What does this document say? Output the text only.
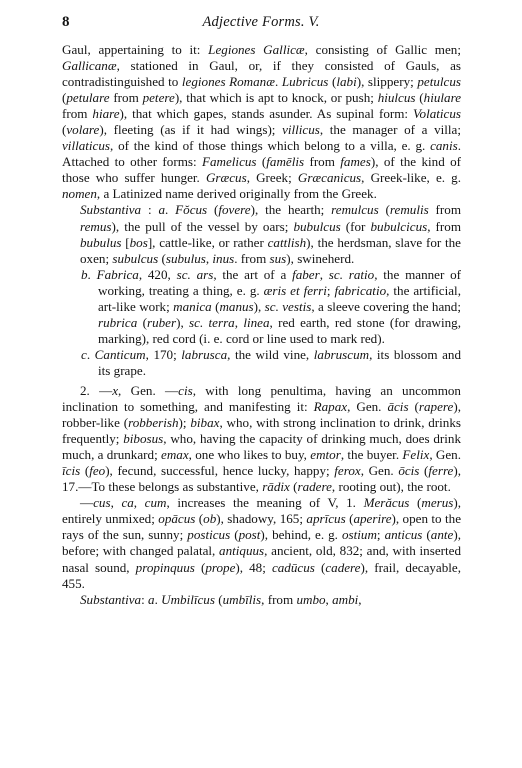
8	Adjective Forms. V.

Gaul, appertaining to it: Legiones Gallicæ, consisting of Gallic men; Gallicanæ, stationed in Gaul, or, if they consisted of Gauls, as contradistinguished to legiones Romanæ. Lubricus (labi), slippery; petulcus (petulare from petere), that which is apt to knock, or push; hiulcus (hiulare from hiare), that which gapes, stands asunder. As supinal form: Volaticus (volare), fleeting (as if it had wings); villicus, the manager of a villa; villaticus, of the kind of those things which belong to a villa, e. g. canis. Attached to other forms: Famelicus (famēlis from fames), of the kind of those who suffer hunger. Græcus, Greek; Græcanicus, Greek-like, e. g. nomen, a Latinized name derived originally from the Greek.

Substantiva : a. Fŏcus (fovere), the hearth; remulcus (remulis from remus), the pull of the vessel by oars; bubulcus (for bubulcicus, from bubulus [bos], cattle-like, or rather cattlish), the herdsman, slave for the oxen; subulcus (subulus, inus. from sus), swineherd.

b. Fabrica, 420, sc. ars, the art of a faber, sc. ratio, the manner of working, treating a thing, e. g. æris et ferri; fabricatio, the artificial, art-like work; manica (manus), sc. vestis, a sleeve covering the hand; rubrica (ruber), sc. terra, linea, red earth, red stone (for drawing, marking), red cord (i. e. cord or line used to mark red).

c. Canticum, 170; labrusca, the wild vine, labruscum, its blossom and its grape.

2. —x, Gen. —cis, with long penultima, having an uncommon inclination to something, and manifesting it: Rapax, Gen. ācis (rapere), robber-like (robberish); bibax, who, with strong inclination to drink, drinks frequently; bibosus, who, having the capacity of drinking much, does drink much, a drunkard; emax, one who likes to buy, emtor, the buyer. Felix, Gen. īcis (feo), fecund, successful, hence lucky, happy; ferox, Gen. ōcis (ferre), 17.—To these belongs as substantive, rādix (radere, rooting out), the root.

—cus, ca, cum, increases the meaning of V, 1. Merăcus (merus), entirely unmixed; opācus (ob), shadowy, 165; aprīcus (aperire), open to the rays of the sun, sunny; posticus (post), behind, e. g. ostium; anticus (ante), before; with changed palatal, antiquus, ancient, old, 832; and, with inserted nasal sound, propinquus (prope), 48; cadūcus (cadere), frail, decayable, 455.

Substantiva: a. Umbilīcus (umbīlis, from umbo, ambi,
